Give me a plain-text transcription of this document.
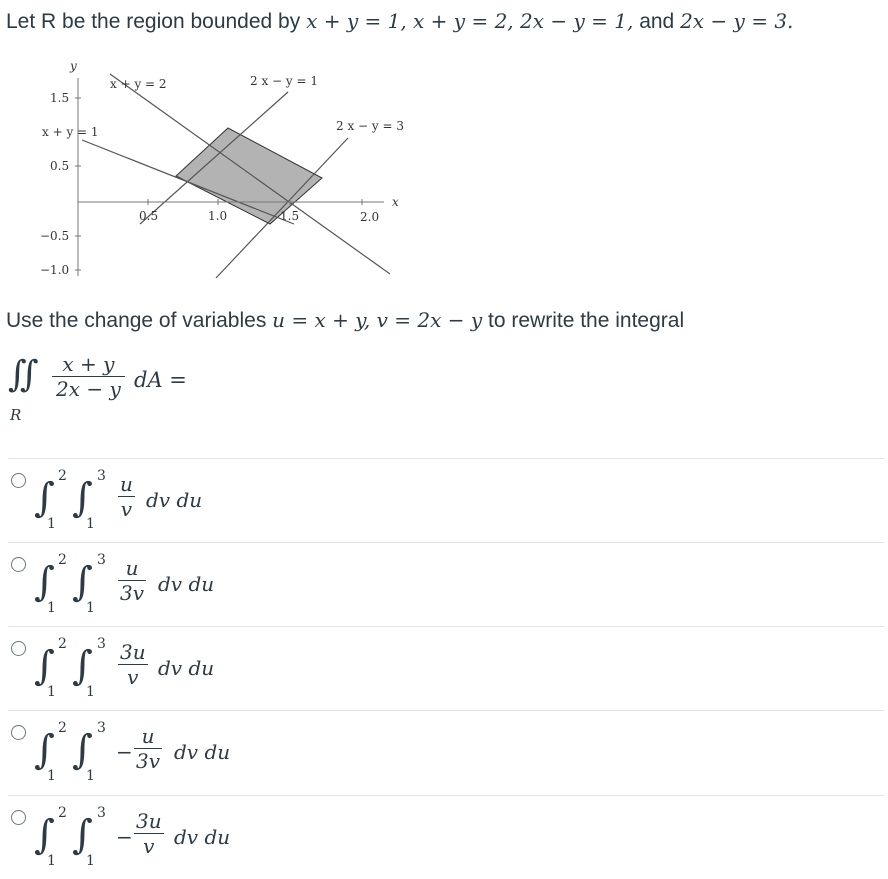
Let R be the region bounded by x + y = 1, x + y = 2, 2x − y = 1, and 2x − y = 3.
y
x
0.5	1.0	1.5	2.0
1.5
0.5
−0.5
−1.0
x + y = 2	2 x − y = 1
x + y = 1	2 x − y = 3
Use the change of variables u = x + y, v = 2x − y to rewrite the integral
∬
R
$\frac{x + y}{2x - y}$ dA =
∫ 2
1
∫ 3
1
$\frac{u}{v}$ dv du
∫ 2
1
∫ 3
1
$\frac{u}{3v}$ dv du
∫ 2
1
∫ 3
1
$\frac{3u}{v}$ dv du
∫ 2
1
∫ 3
1
− $\frac{u}{3v}$ dv du
∫ 2
1
∫ 3
1
− $\frac{3u}{v}$ dv du
